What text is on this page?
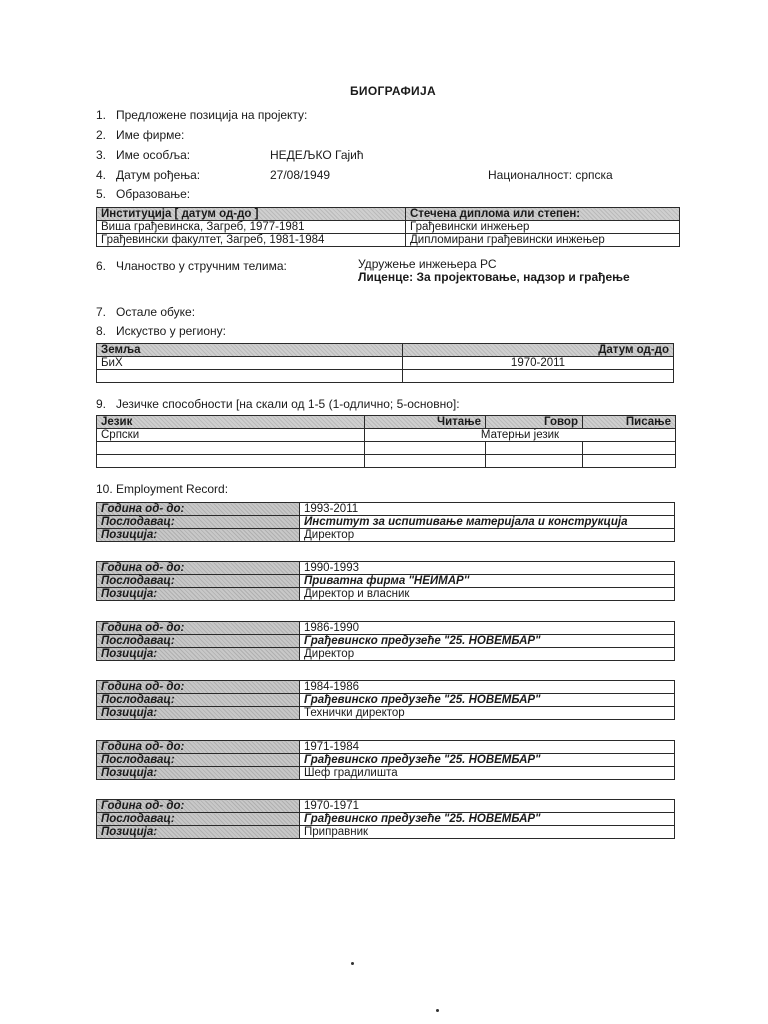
БИОГРАФИЈА
1. Предложене позиција на пројекту:
2. Име фирме:
3. Име особља:	НЕДЕЉКО Гајић
4. Датум рођења:	27/08/1949	Националност: српска
5. Образовање:
Институција [ датум од-до ]	Стечена диплома или степен:
Виша грађевинска, Загреб, 1977-1981	Грађевински инжењер
Грађевински факултет, Загреб, 1981-1984	Дипломирани грађевински инжењер
6. Чланоство у стручним телима:	Удружење инжењера РС
Лиценце: За пројектовање, надзор и грађење
7. Остале обуке:
8. Искуство у региону:
Земља	Датум од-до
БиХ	1970-2011

9. Језичке способности [на скали од 1-5 (1-одлично; 5-основно]:
Језик	Читање	Говор	Писање
Српски	Матерњи језик		

10. Employment Record:
Година од- до:	1993-2011
Послодавац:	Институт за испитивање материјала и конструкција
Позиција:	Директор
Година од- до:	1990-1993
Послодавац:	Приватна фирма ''НЕИМАР''
Позиција:	Директор и власник
Година од- до:	1986-1990
Послодавац:	Грађевинско предузеће "25. НОВЕМБАР"
Позиција:	Директор
Година од- до:	1984-1986
Послодавац:	Грађевинско предузеће "25. НОВЕМБАР"
Позиција:	Технички директор
Година од- до:	1971-1984
Послодавац:	Грађевинско предузеће "25. НОВЕМБАР"
Позиција:	Шеф градилишта
Година од- до:	1970-1971
Послодавац:	Грађевинско предузеће "25. НОВЕМБАР"
Позиција:	Приправник
